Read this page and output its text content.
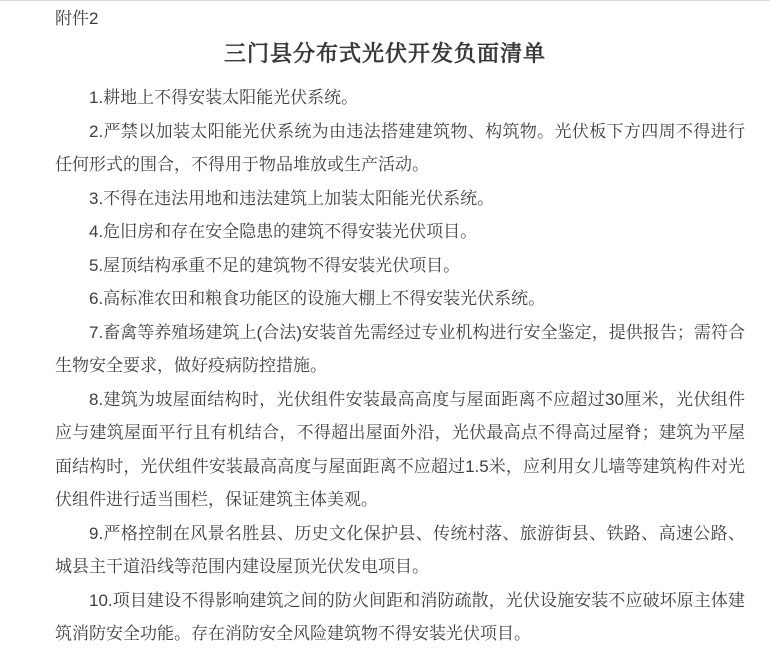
附件2
三门县分布式光伏开发负面清单

1.耕地上不得安装太阳能光伏系统。

2.严禁以加装太阳能光伏系统为由违法搭建建筑物、构筑物。光伏板下方四周不得进行任何形式的围合，不得用于物品堆放或生产活动。

3.不得在违法用地和违法建筑上加装太阳能光伏系统。

4.危旧房和存在安全隐患的建筑不得安装光伏项目。

5.屋顶结构承重不足的建筑物不得安装光伏项目。

6.高标准农田和粮食功能区的设施大棚上不得安装光伏系统。

7.畜禽等养殖场建筑上(合法)安装首先需经过专业机构进行安全鉴定，提供报告；需符合生物安全要求，做好疫病防控措施。

8.建筑为坡屋面结构时，光伏组件安装最高高度与屋面距离不应超过30厘米，光伏组件应与建筑屋面平行且有机结合，不得超出屋面外沿，光伏最高点不得高过屋脊；建筑为平屋面结构时，光伏组件安装最高高度与屋面距离不应超过1.5米，应利用女儿墙等建筑构件对光伏组件进行适当围栏，保证建筑主体美观。

9.严格控制在风景名胜县、历史文化保护县、传统村落、旅游街县、铁路、高速公路、城县主干道沿线等范围内建设屋顶光伏发电项目。

10.项目建设不得影响建筑之间的防火间距和消防疏散，光伏设施安装不应破坏原主体建筑消防安全功能。存在消防安全风险建筑物不得安装光伏项目。
